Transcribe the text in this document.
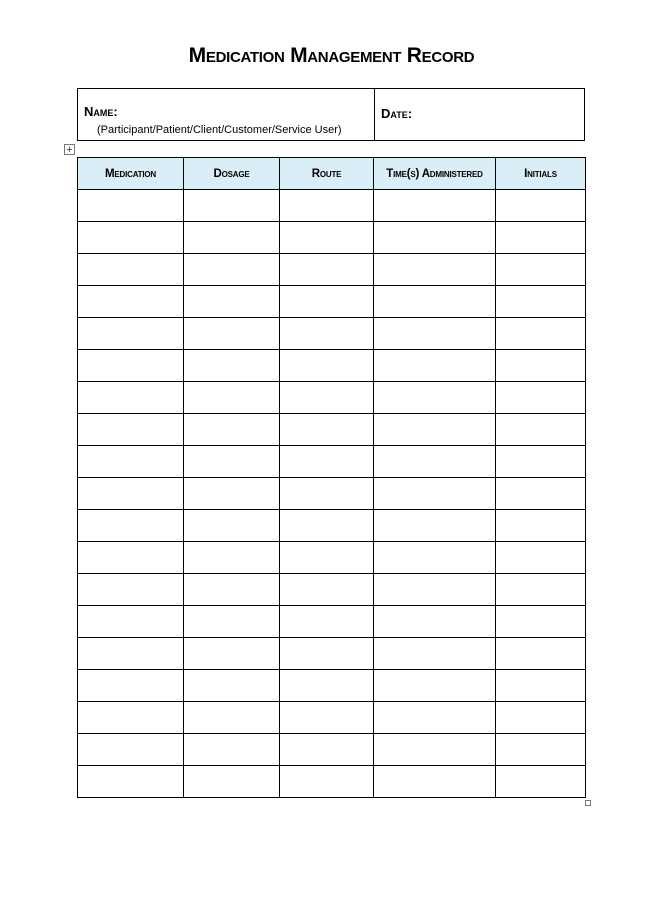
Medication Management Record
Name:
(Participant/Patient/Client/Customer/Service User)

Date:
+
Medication	Dosage	Route	Time(s) Administered	Initials
